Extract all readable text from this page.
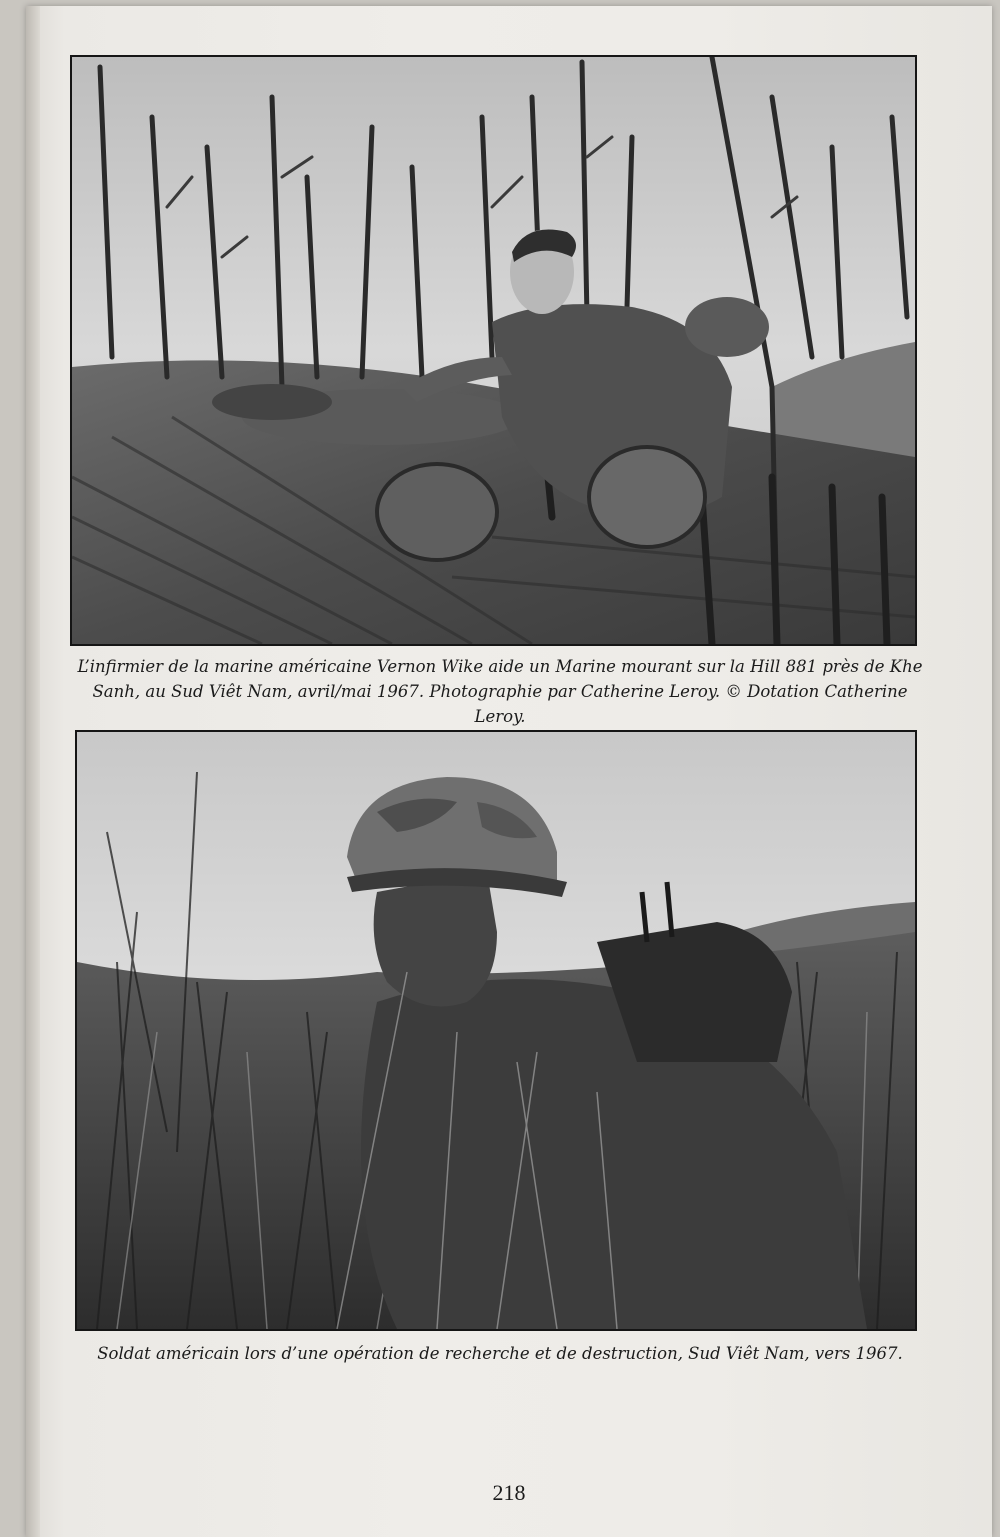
L’infirmier de la marine américaine Vernon Wike aide un Marine mourant sur la Hill 881 près de Khe
Sanh, au Sud Viêt Nam, avril/mai 1967. Photographie par Catherine Leroy. © Dotation Catherine Leroy.
Soldat américain lors d’une opération de recherche et de destruction, Sud Viêt Nam, vers 1967.
218
